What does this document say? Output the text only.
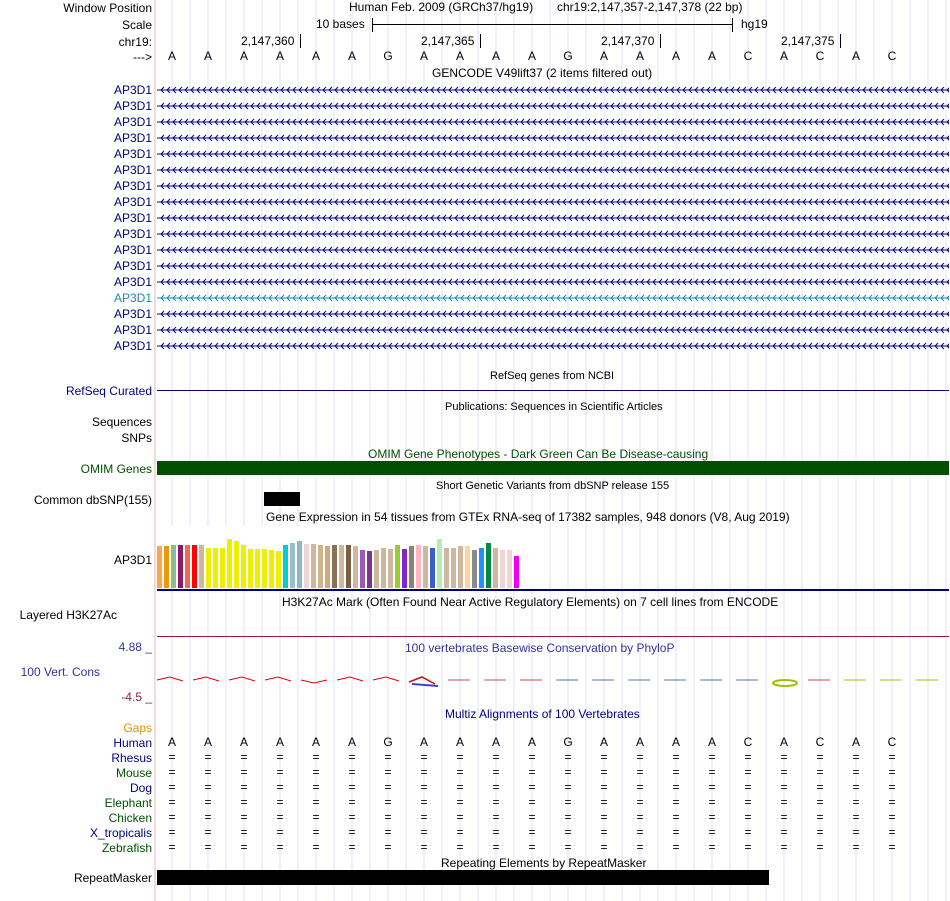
Window Position
Scale
chr19:
--->
Human Feb. 2009 (GRCh37/hg19) chr19:2,147,357-2,147,378 (22 bp)
10 bases	hg19
2,147,360	2,147,365	2,147,370	2,147,375
A	A	A	A	A	A	G	A	A	A	A	G	A	A	A	A	C	A	C	A	C
GENCODE V49lift37 (2 items filtered out)
AP3D1
AP3D1
AP3D1
AP3D1
AP3D1
AP3D1
AP3D1
AP3D1
AP3D1
AP3D1
AP3D1
AP3D1
AP3D1
AP3D1
AP3D1
AP3D1
AP3D1
RefSeq genes from NCBI
RefSeq Curated
Publications: Sequences in Scientific Articles
Sequences
SNPs
OMIM Gene Phenotypes - Dark Green Can Be Disease-causing
OMIM Genes
Short Genetic Variants from dbSNP release 155
Common dbSNP(155)
Gene Expression in 54 tissues from GTEx RNA-seq of 17382 samples, 948 donors (V8, Aug 2019)
AP3D1
H3K27Ac Mark (Often Found Near Active Regulatory Elements) on 7 cell lines from ENCODE
Layered H3K27Ac
100 vertebrates Basewise Conservation by PhyloP
4.88 _
100 Vert. Cons
-4.5 _
Multiz Alignments of 100 Vertebrates
Gaps
Human	A	A	A	A	A	A	G	A	A	A	A	G	A	A	A	A	C	A	C	A	C
Rhesus	=	=	=	=	=	=	=	=	=	=	=	=	=	=	=	=	=	=	=	=	=
Mouse	=	=	=	=	=	=	=	=	=	=	=	=	=	=	=	=	=	=	=	=	=
Dog	=	=	=	=	=	=	=	=	=	=	=	=	=	=	=	=	=	=	=	=	=
Elephant	=	=	=	=	=	=	=	=	=	=	=	=	=	=	=	=	=	=	=	=	=
Chicken	=	=	=	=	=	=	=	=	=	=	=	=	=	=	=	=	=	=	=	=	=
X_tropicalis	=	=	=	=	=	=	=	=	=	=	=	=	=	=	=	=	=	=	=	=	=
Zebrafish	=	=	=	=	=	=	=	=	=	=	=	=	=	=	=	=	=	=	=	=	=
Repeating Elements by RepeatMasker
RepeatMasker
